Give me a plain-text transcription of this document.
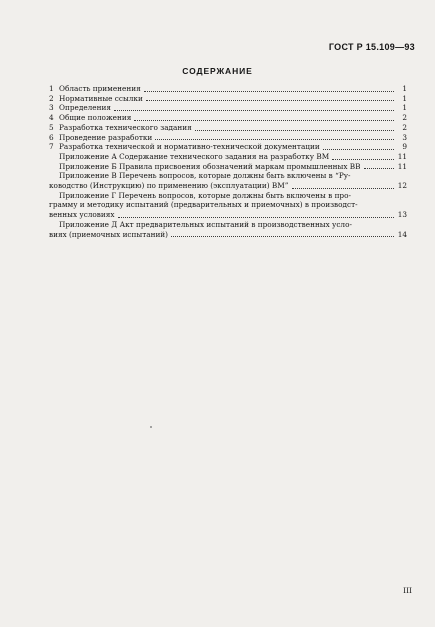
ГОСТ Р 15.109—93
СОДЕРЖАНИЕ
1 Область применения	1
2 Нормативные ссылки	1
3 Определения	1
4 Общие положения	2
5 Разработка технического задания	2
6 Проведение разработки	3
7 Разработка технической и нормативно-технической документации	9
Приложение А Содержание технического задания на разработку ВМ	11
Приложение Б Правила присвоения обозначений маркам промышленных ВВ	11
Приложение В Перечень вопросов, которые должны быть включены в “Ру-
ководство (Инструкцию) по применению (эксплуатации) ВМ”	12
Приложение Г Перечень вопросов, которые должны быть включены в про-
грамму и методику испытаний (предварительных и приемочных) в производст-
венных условиях	13
Приложение Д Акт предварительных испытаний в производственных усло-
виях (приемочных испытаний)	14
III
